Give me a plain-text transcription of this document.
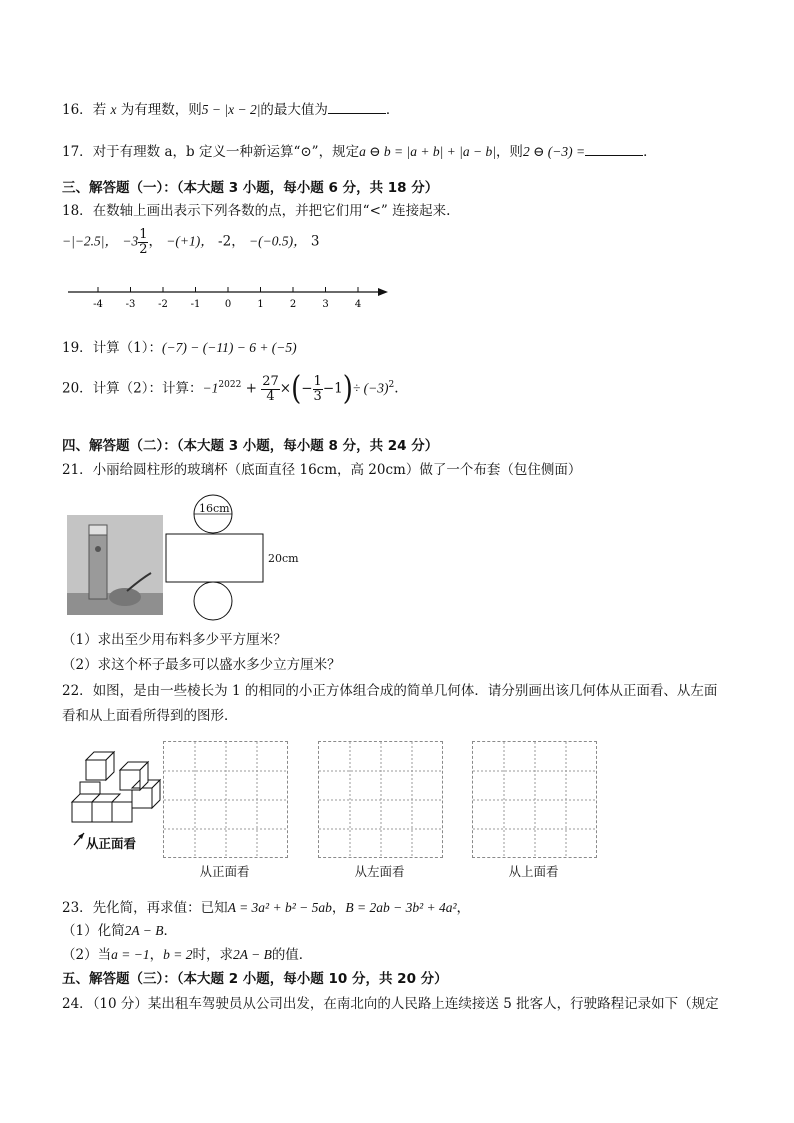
16．若 x 为有理数，则5 − |x − 2|的最大值为	．
17．对于有理数 a，b 定义一种新运算“⊙”，规定a ⊖ b = |a + b| + |a − b|，则2 ⊖ (−3) =	．
三、解答题（一）：（本大题 3 小题，每小题 6 分，共 18 分）
18．在数轴上画出表示下列各数的点，并把它们用“<” 连接起来.
−|−2.5|， $-3 \frac{1}{2}$ ， −(+1)， -2， −(−0.5)， 3
-4 -3 -2 -1 0	1	2	3	4
19．计算（1）：(−7) − (−11) − 6 + (−5)
20．计算（2）：计算：$-1^{2022} + \frac{27}{4}$ ×(− $\frac{1}{3} -1)\div (-3)^2$.
四、解答题（二）：（本大题 3 小题，每小题 8 分，共 24 分）
21．小丽给圆柱形的玻璃杯（底面直径 16cm，高 20cm）做了一个布套（包住侧面）
16cm
20cm
（1）求出至少用布料多少平方厘米？
（2）求这个杯子最多可以盛水多少立方厘米？
22．如图，是由一些棱长为 1 的相同的小正方体组合成的简单几何体．请分别画出该几何体从正面看、从左面
看和从上面看所得到的图形．
从正面看
从正面看	从左面看	从上面看
23．先化简，再求值：已知A = 3a² + b² − 5ab，B = 2ab − 3b² + 4a²，
（1）化简2A − B．
（2）当a = −1，b = 2时，求2A − B的值．
五、解答题（三）：（本大题 2 小题，每小题 10 分，共 20 分）
24．（10 分）某出租车驾驶员从公司出发，在南北向的人民路上连续接送 5 批客人，行驶路程记录如下（规定
